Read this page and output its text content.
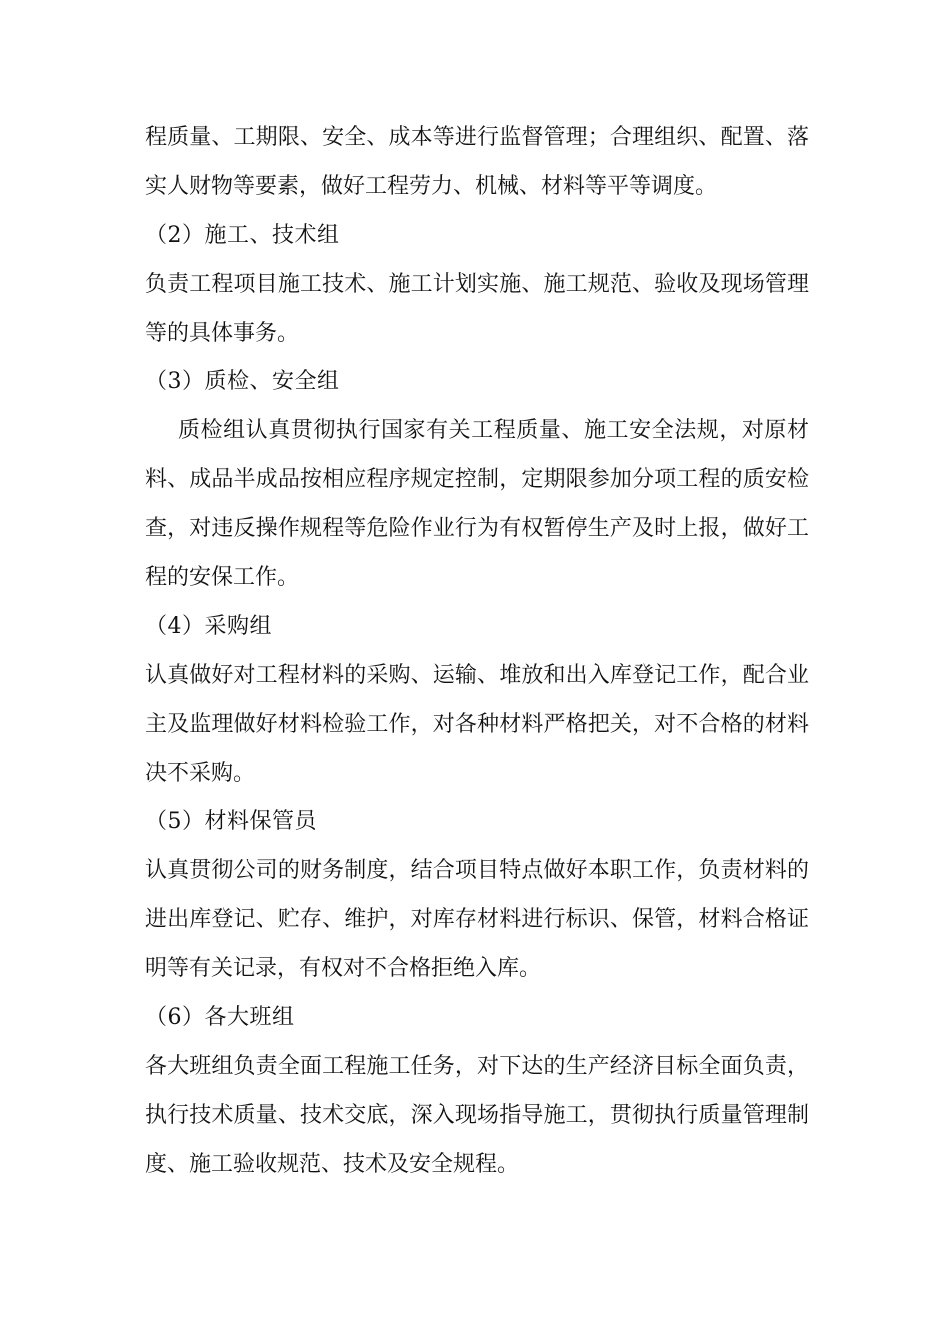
程质量、工期限、安全、成本等进行监督管理；合理组织、配置、落
实人财物等要素，做好工程劳力、机械、材料等平等调度。
（2）施工、技术组
负责工程项目施工技术、施工计划实施、施工规范、验收及现场管理
等的具体事务。
（3）质检、安全组
质检组认真贯彻执行国家有关工程质量、施工安全法规，对原材
料、成品半成品按相应程序规定控制，定期限参加分项工程的质安检
查，对违反操作规程等危险作业行为有权暂停生产及时上报，做好工
程的安保工作。
（4）采购组
认真做好对工程材料的采购、运输、堆放和出入库登记工作，配合业
主及监理做好材料检验工作，对各种材料严格把关，对不合格的材料
决不采购。
（5）材料保管员
认真贯彻公司的财务制度，结合项目特点做好本职工作，负责材料的
进出库登记、贮存、维护，对库存材料进行标识、保管，材料合格证
明等有关记录，有权对不合格拒绝入库。
（6）各大班组
各大班组负责全面工程施工任务，对下达的生产经济目标全面负责，
执行技术质量、技术交底，深入现场指导施工，贯彻执行质量管理制
度、施工验收规范、技术及安全规程。
